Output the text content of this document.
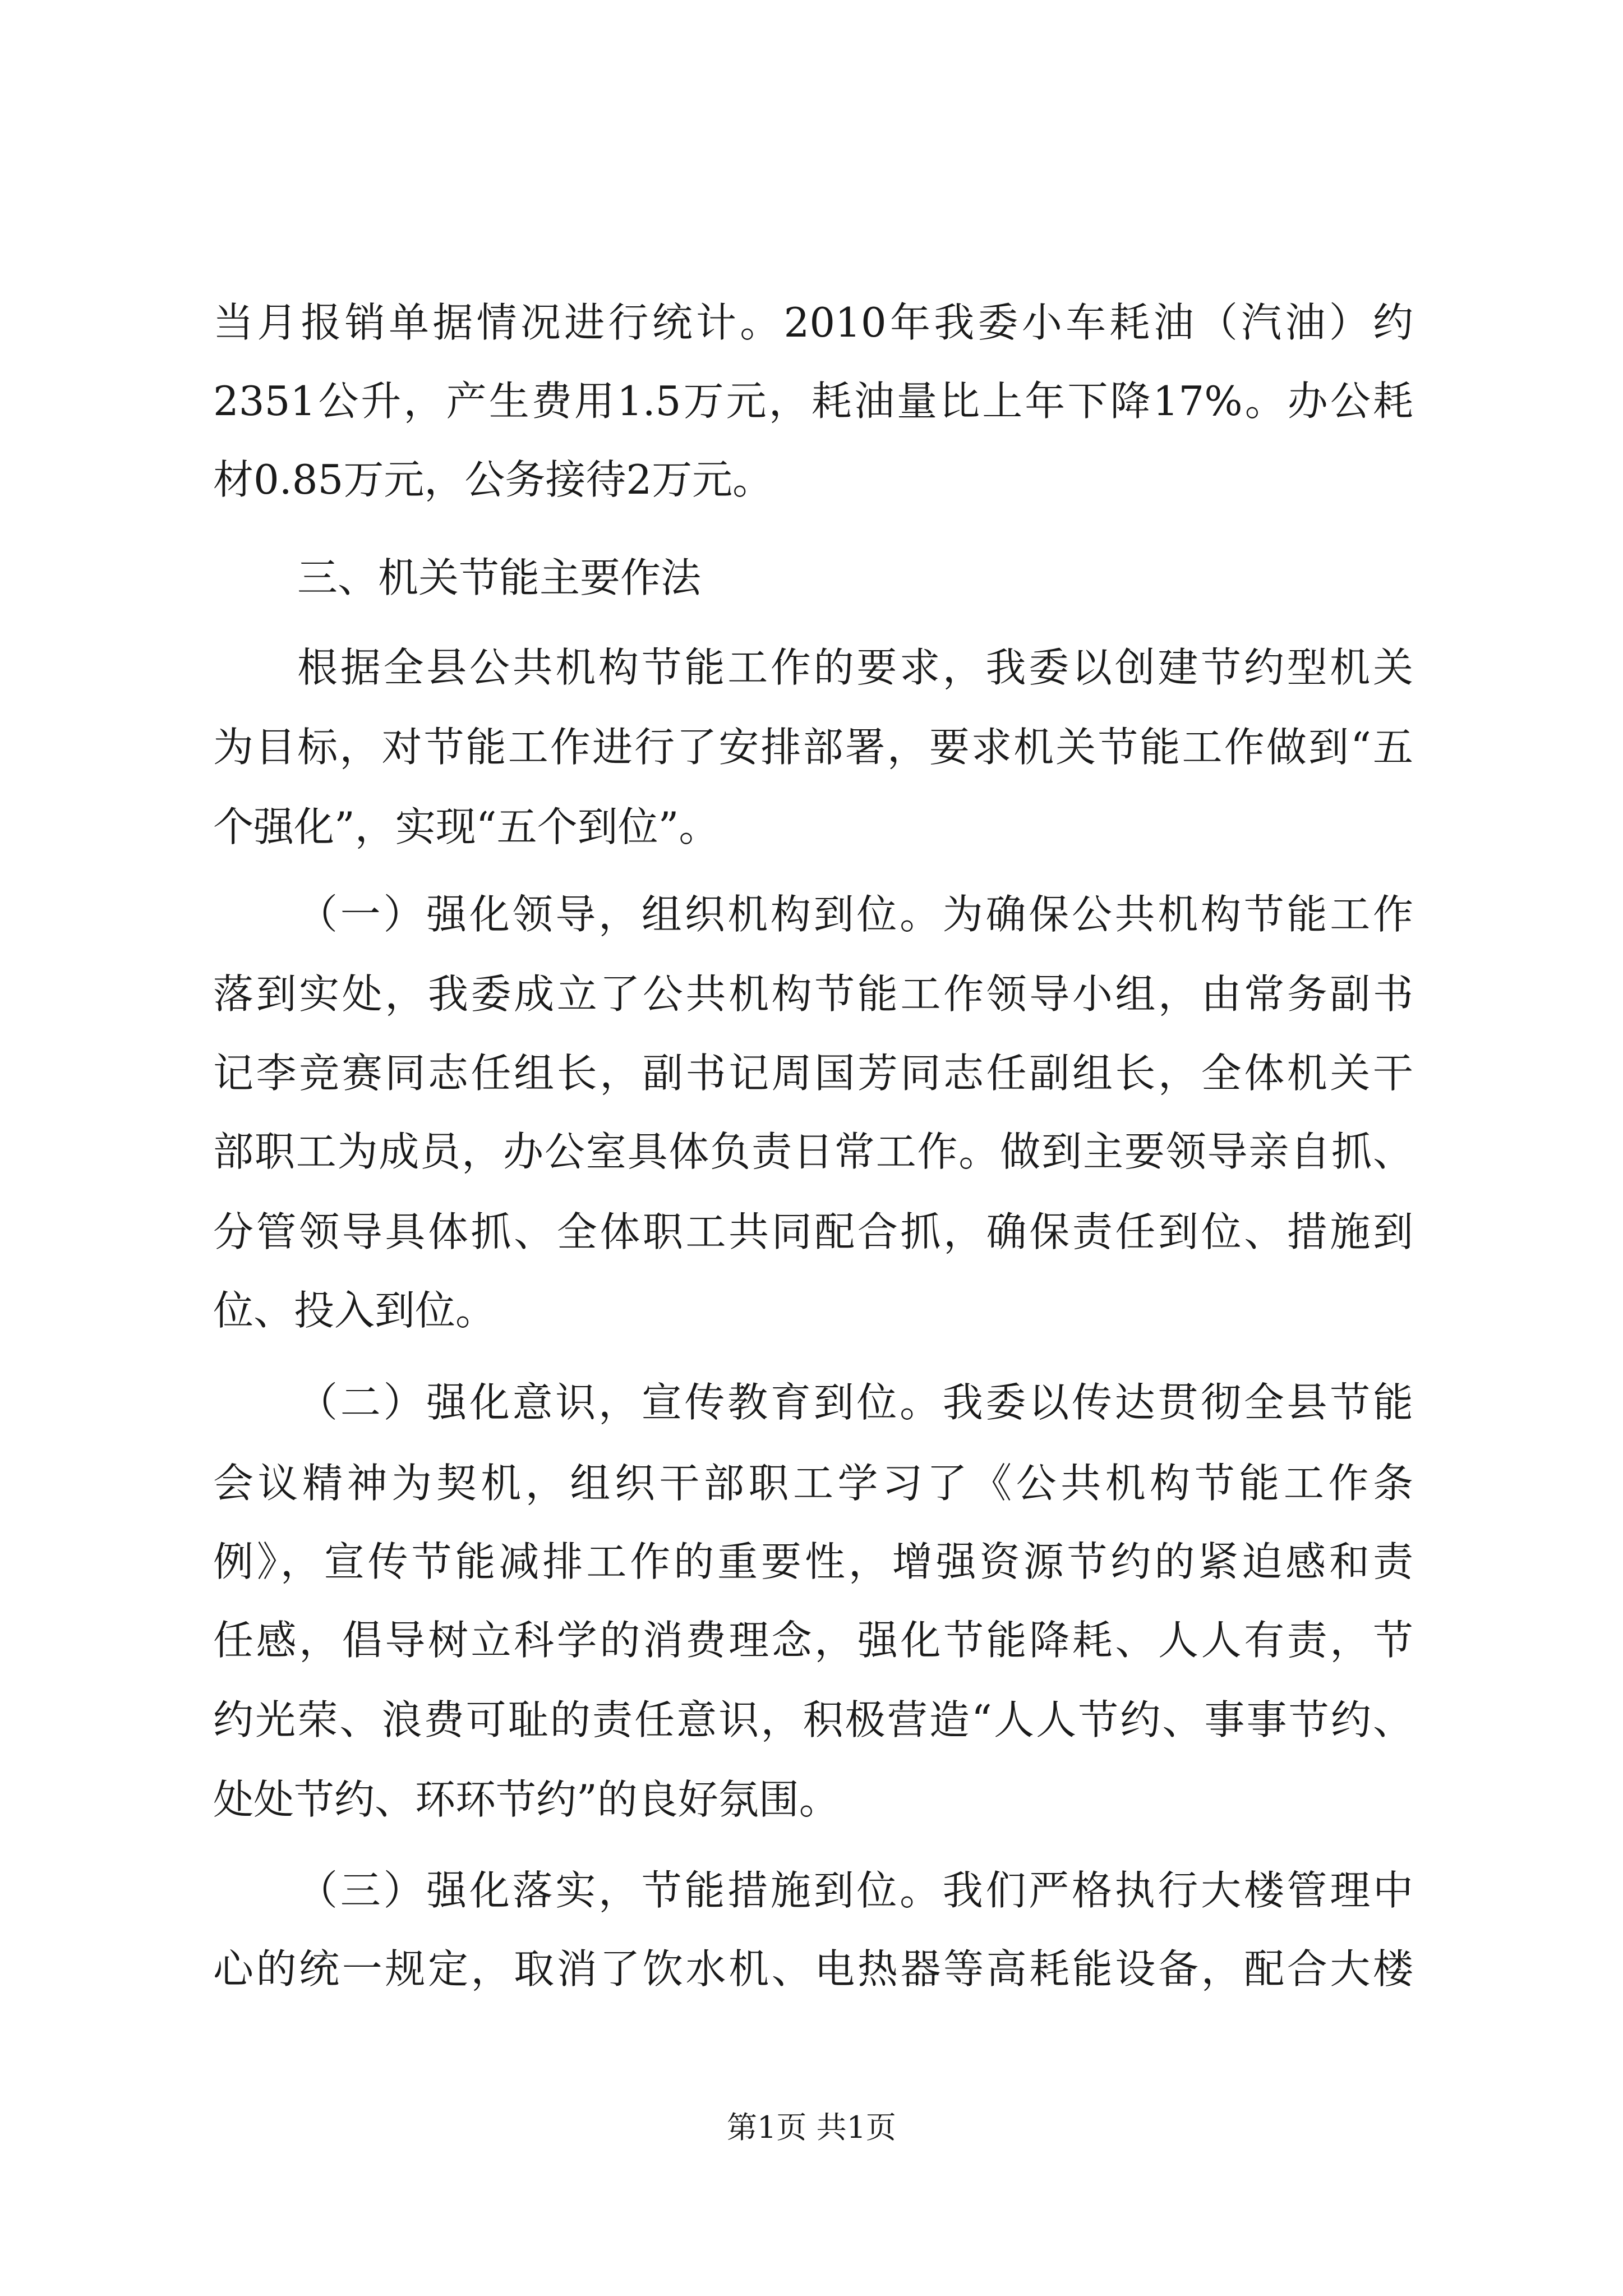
当月报销单据情况进行统计。2010年我委小车耗油（汽油）约
2351公升，产生费用1.5万元，耗油量比上年下降17%。办公耗
材0.85万元，公务接待2万元。
三、机关节能主要作法
根据全县公共机构节能工作的要求，我委以创建节约型机关
为目标，对节能工作进行了安排部署，要求机关节能工作做到“五
个强化”，实现“五个到位”。
（一）强化领导，组织机构到位。为确保公共机构节能工作
落到实处，我委成立了公共机构节能工作领导小组，由常务副书
记李竞赛同志任组长，副书记周国芳同志任副组长，全体机关干
部职工为成员，办公室具体负责日常工作。做到主要领导亲自抓、
分管领导具体抓、全体职工共同配合抓，确保责任到位、措施到
位、投入到位。
（二）强化意识，宣传教育到位。我委以传达贯彻全县节能
会议精神为契机，组织干部职工学习了《公共机构节能工作条
例》，宣传节能减排工作的重要性，增强资源节约的紧迫感和责
任感，倡导树立科学的消费理念，强化节能降耗、人人有责，节
约光荣、浪费可耻的责任意识，积极营造“人人节约、事事节约、
处处节约、环环节约”的良好氛围。
（三）强化落实，节能措施到位。我们严格执行大楼管理中
心的统一规定，取消了饮水机、电热器等高耗能设备，配合大楼
第1页 共1页
